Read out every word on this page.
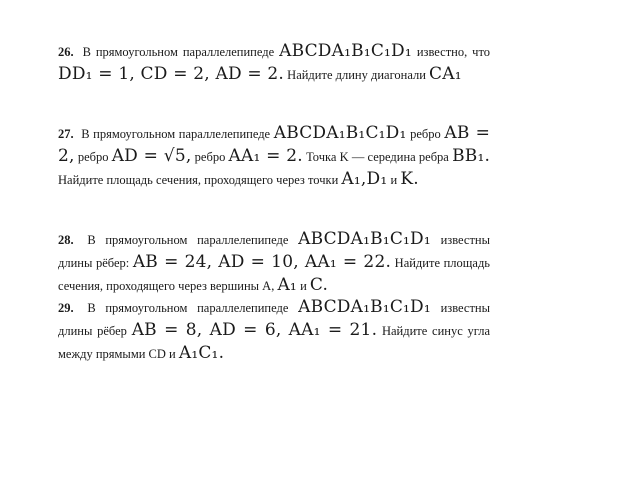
26. В прямоугольном параллелепипеде ABCDA₁B₁C₁D₁ известно, что DD₁ = 1, CD = 2, AD = 2. Найдите длину диагонали CA₁
27. В прямоугольном параллелепипеде ABCDA₁B₁C₁D₁ ребро AB = 2, ребро AD = √5, ребро AA₁ = 2. Точка K — середина ребра BB₁. Найдите площадь сечения, проходящего через точки A₁,D₁ и K.
28. В прямоугольном параллелепипеде ABCDA₁B₁C₁D₁ известны длины рёбер: AB = 24, AD = 10, AA₁ = 22. Найдите площадь сечения, проходящего через вершины A, A₁ и C.
29. В прямоугольном параллелепипеде ABCDA₁B₁C₁D₁ известны длины рёбер AB = 8, AD = 6, AA₁ = 21. Найдите синус угла между прямыми CD и A₁C₁.
